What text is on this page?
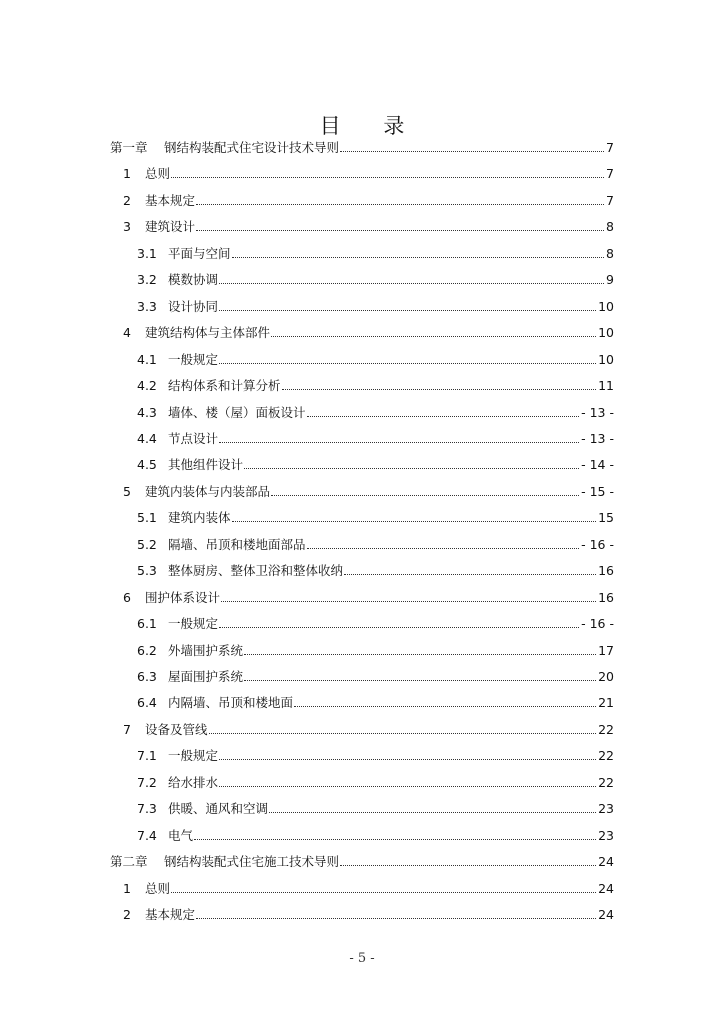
目 录
第一章 钢结构装配式住宅设计技术导则	7
1 总则	7
2 基本规定	7
3 建筑设计	8
3.1 平面与空间	8
3.2 模数协调	9
3.3 设计协同	10
4 建筑结构体与主体部件	10
4.1 一般规定	10
4.2 结构体系和计算分析	11
4.3 墙体、楼（屋）面板设计	- 13 -
4.4 节点设计	- 13 -
4.5 其他组件设计	- 14 -
5 建筑内装体与内装部品	- 15 -
5.1 建筑内装体	15
5.2 隔墙、吊顶和楼地面部品	- 16 -
5.3 整体厨房、整体卫浴和整体收纳	16
6 围护体系设计	16
6.1 一般规定	- 16 -
6.2 外墙围护系统	17
6.3 屋面围护系统	20
6.4 内隔墙、吊顶和楼地面	21
7 设备及管线	22
7.1 一般规定	22
7.2 给水排水	22
7.3 供暖、通风和空调	23
7.4 电气	23
第二章 钢结构装配式住宅施工技术导则	24
1 总则	24
2 基本规定	24
- 5 -
